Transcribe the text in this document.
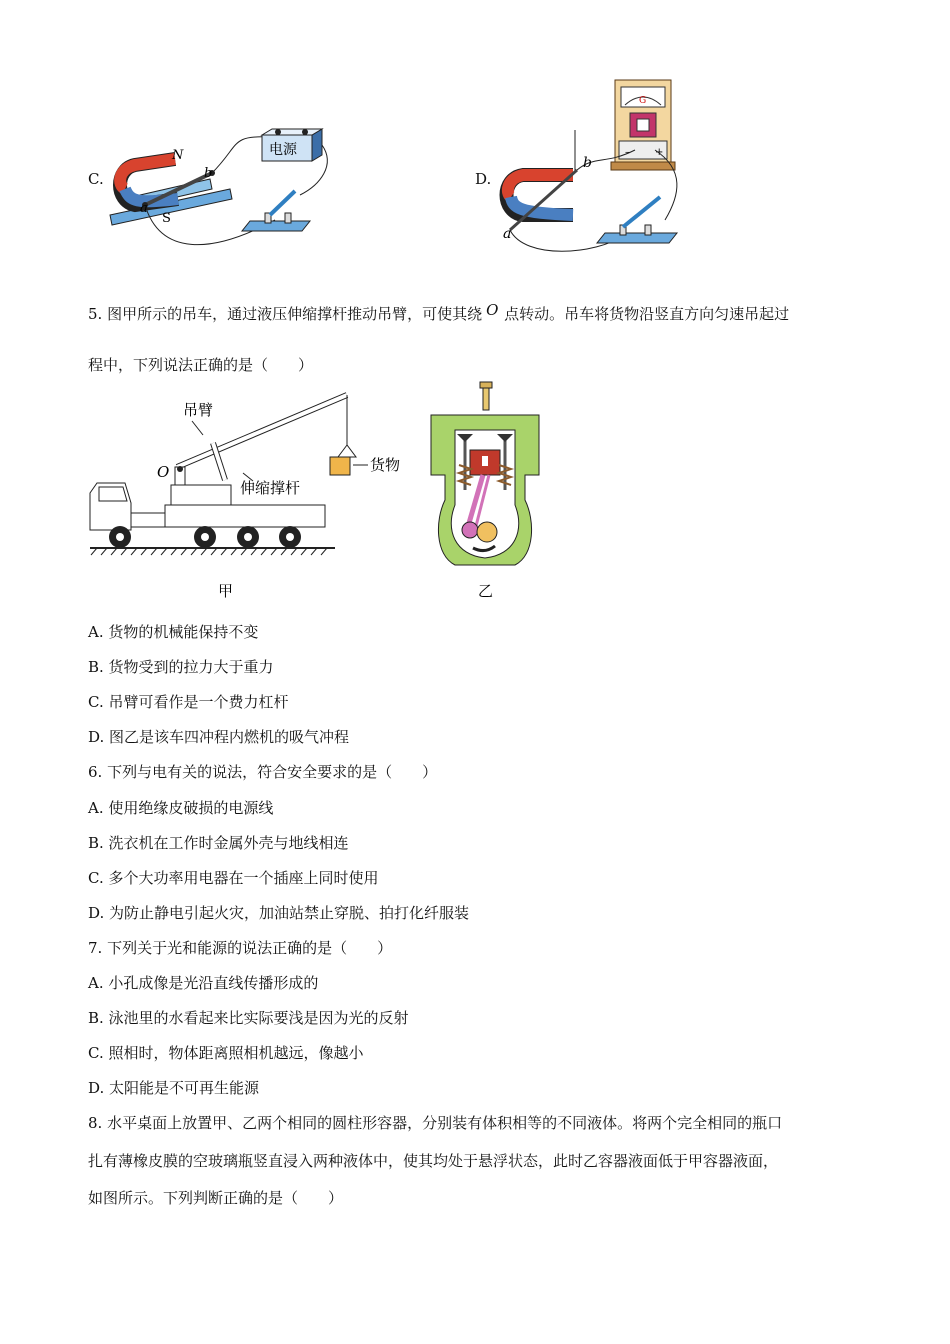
C.
N
S
a
b
电源
D.
G
–	+
a
b
5. 图甲所示的吊车，通过液压伸缩撑杆推动吊臂，可使其绕 O 点转动。吊车将货物沿竖直方向匀速吊起过
程中，下列说法正确的是（　　）
吊臂
伸缩撑杆
货物
O
甲	乙
A. 货物的机械能保持不变
B. 货物受到的拉力大于重力
C. 吊臂可看作是一个费力杠杆
D. 图乙是该车四冲程内燃机的吸气冲程
6. 下列与电有关的说法，符合安全要求的是（　　）
A. 使用绝缘皮破损的电源线
B. 洗衣机在工作时金属外壳与地线相连
C. 多个大功率用电器在一个插座上同时使用
D. 为防止静电引起火灾，加油站禁止穿脱、拍打化纤服装
7. 下列关于光和能源的说法正确的是（　　）
A. 小孔成像是光沿直线传播形成的
B. 泳池里的水看起来比实际要浅是因为光的反射
C. 照相时，物体距离照相机越远，像越小
D. 太阳能是不可再生能源
8. 水平桌面上放置甲、乙两个相同的圆柱形容器，分别装有体积相等的不同液体。将两个完全相同的瓶口
扎有薄橡皮膜的空玻璃瓶竖直浸入两种液体中，使其均处于悬浮状态，此时乙容器液面低于甲容器液面，
如图所示。下列判断正确的是（　　）
